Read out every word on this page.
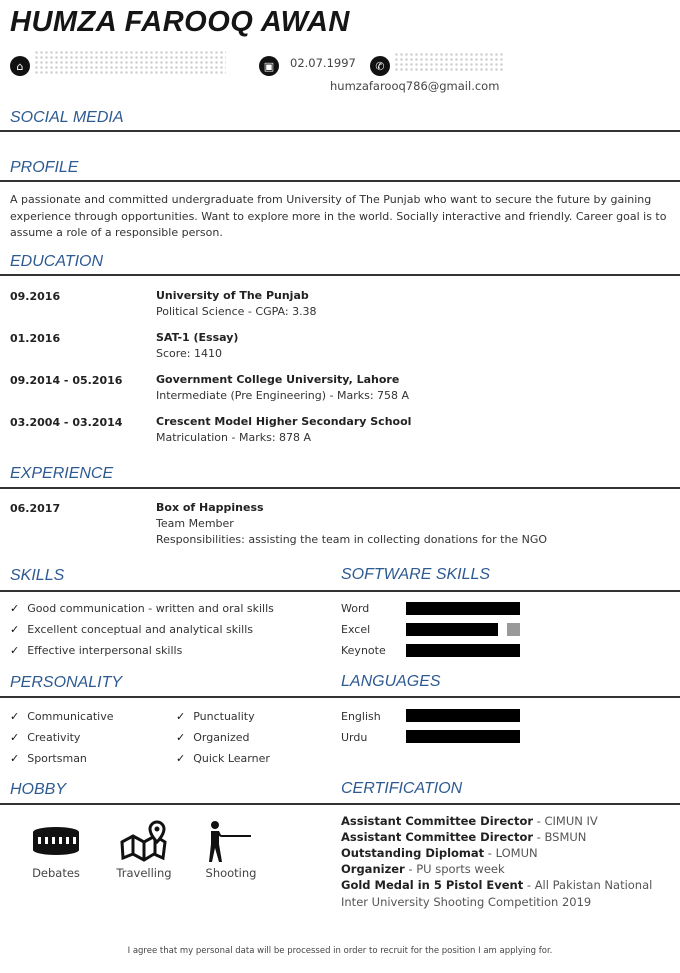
HUMZA FAROOQ AWAN
⌂	▣	02.07.1997	✆
humzafarooq786@gmail.com
SOCIAL MEDIA
PROFILE
A passionate and committed undergraduate from University of The Punjab who want to secure the future by gaining experience through opportunities. Want to explore more in the world. Socially interactive and friendly. Career goal is to assume a role of a responsible person.
EDUCATION
09.2016	University of The Punjab
Political Science - CGPA: 3.38
01.2016	SAT-1 (Essay)
Score: 1410
09.2014 - 05.2016	Government College University, Lahore
Intermediate (Pre Engineering) - Marks: 758 A
03.2004 - 03.2014	Crescent Model Higher Secondary School
Matriculation - Marks: 878 A
EXPERIENCE
06.2017	Box of Happiness
Team Member
Responsibilities: assisting the team in collecting donations for the NGO
SKILLS	SOFTWARE SKILLS
✓ Good communication - written and oral skills
✓ Excellent conceptual and analytical skills
✓ Effective interpersonal skills
Word
Excel
Keynote
PERSONALITY	LANGUAGES
✓ Communicative
✓ Creativity
✓ Sportsman
✓ Punctuality
✓ Organized
✓ Quick Learner
English
Urdu
HOBBY	CERTIFICATION
Debates	Travelling	Shooting
Assistant Committee Director - CIMUN IV
Assistant Committee Director - BSMUN
Outstanding Diplomat - LOMUN
Organizer - PU sports week
Gold Medal in 5 Pistol Event - All Pakistan National
Inter University Shooting Competition 2019
I agree that my personal data will be processed in order to recruit for the position I am applying for.
